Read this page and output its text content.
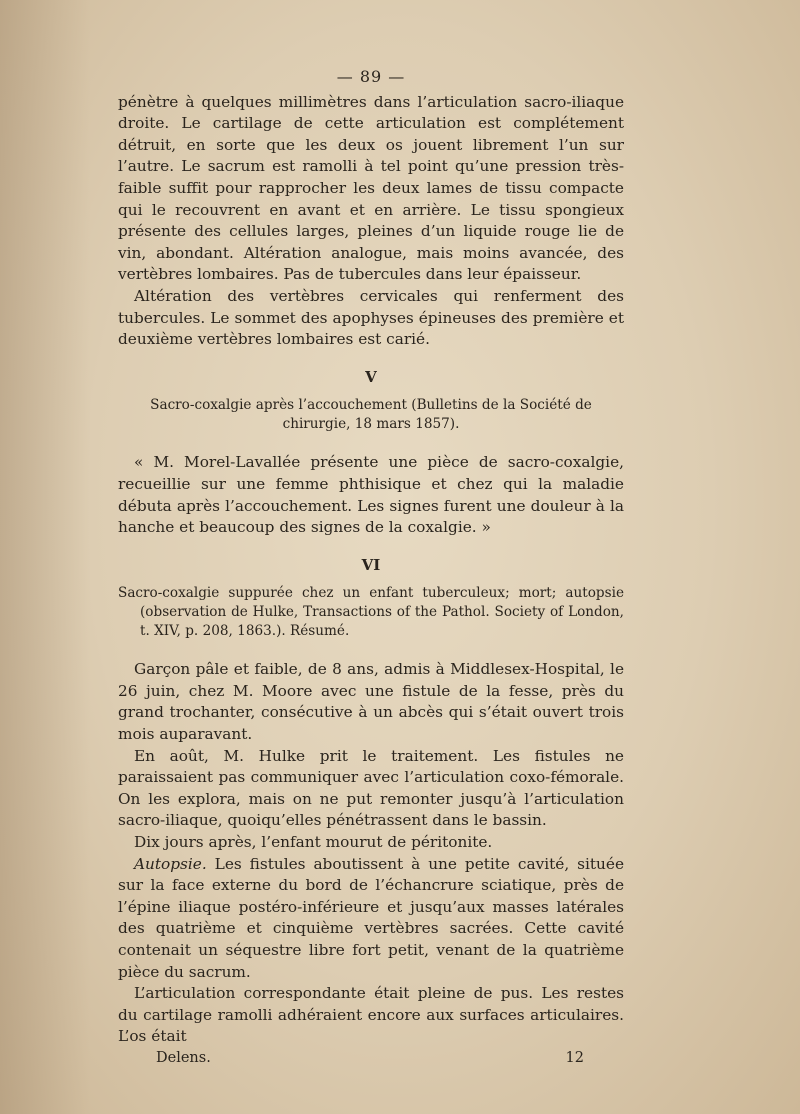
— 89 —

pénètre à quelques millimètres dans l’articulation sacro-iliaque droite. Le cartilage de cette articulation est complétement détruit, en sorte que les deux os jouent librement l’un sur l’autre. Le sacrum est ramolli à tel point qu’une pression très-faible suffit pour rapprocher les deux lames de tissu compacte qui le recouvrent en avant et en arrière. Le tissu spongieux présente des cellules larges, pleines d’un liquide rouge lie de vin, abondant. Altération analogue, mais moins avancée, des vertèbres lombaires. Pas de tubercules dans leur épaisseur.

Altération des vertèbres cervicales qui renferment des tubercules. Le sommet des apophyses épineuses des première et deuxième vertèbres lombaires est carié.

V
Sacro-coxalgie après l’accouchement (Bulletins de la Société de chirurgie, 18 mars 1857).

« M. Morel-Lavallée présente une pièce de sacro-coxalgie, recueillie sur une femme phthisique et chez qui la maladie débuta après l’accouchement. Les signes furent une douleur à la hanche et beaucoup des signes de la coxalgie. »

VI
Sacro-coxalgie suppurée chez un enfant tuberculeux; mort; autopsie (observation de Hulke, Transactions of the Pathol. Society of London, t. XIV, p. 208, 1863.). Résumé.

Garçon pâle et faible, de 8 ans, admis à Middlesex-Hospital, le 26 juin, chez M. Moore avec une fistule de la fesse, près du grand trochanter, consécutive à un abcès qui s’était ouvert trois mois auparavant.

En août, M. Hulke prit le traitement. Les fistules ne paraissaient pas communiquer avec l’articulation coxo-fémorale. On les explora, mais on ne put remonter jusqu’à l’articulation sacro-iliaque, quoiqu’elles pénétrassent dans le bassin.

Dix jours après, l’enfant mourut de péritonite.

Autopsie. Les fistules aboutissent à une petite cavité, située sur la face externe du bord de l’échancrure sciatique, près de l’épine iliaque postéro-inférieure et jusqu’aux masses latérales des quatrième et cinquième vertèbres sacrées. Cette cavité contenait un séquestre libre fort petit, venant de la quatrième pièce du sacrum.

L’articulation correspondante était pleine de pus. Les restes du cartilage ramolli adhéraient encore aux surfaces articulaires. L’os était

Delens.	12
